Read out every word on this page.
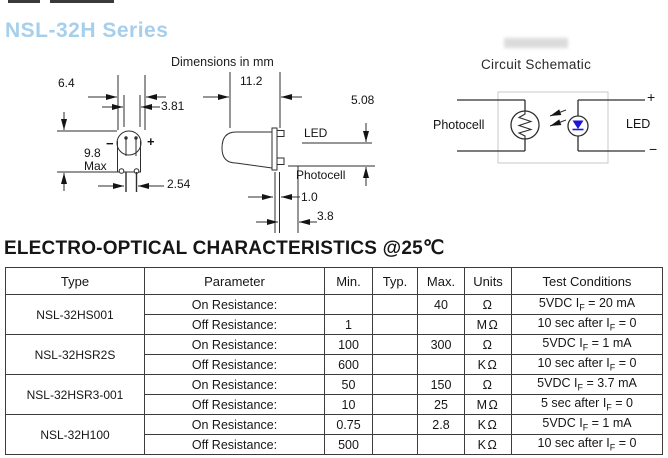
NSL-32H Series
Dimensions in mm
6.4
3.81
9.8
Max
2.54
−	+
11.2
5.08
LED
Photocell
1.0
3.8
Circuit Schematic
Photocell	LED
+
−
ELECTRO-OPTICAL CHARACTERISTICS @25℃
Type	Parameter	Min.	Typ.	Max.	Units	Test Conditions
NSL-32HS001	On Resistance:			40	Ω	5VDC $I_F = 20$ mA
	Off Resistance:	1			MΩ	10 sec after $I_F = 0$
NSL-32HSR2S	On Resistance:	100		300	Ω	5VDC $I_F = 1$ mA
	Off Resistance:	600			KΩ	10 sec after $I_F = 0$
NSL-32HSR3-001	On Resistance:	50		150	Ω	5VDC $I_F = 3.7$ mA
	Off Resistance:	10		25	MΩ	5 sec after $I_F = 0$
NSL-32H100	On Resistance:	0.75		2.8	KΩ	5VDC $I_F = 1$ mA
	Off Resistance:	500			KΩ	10 sec after $I_F = 0$
